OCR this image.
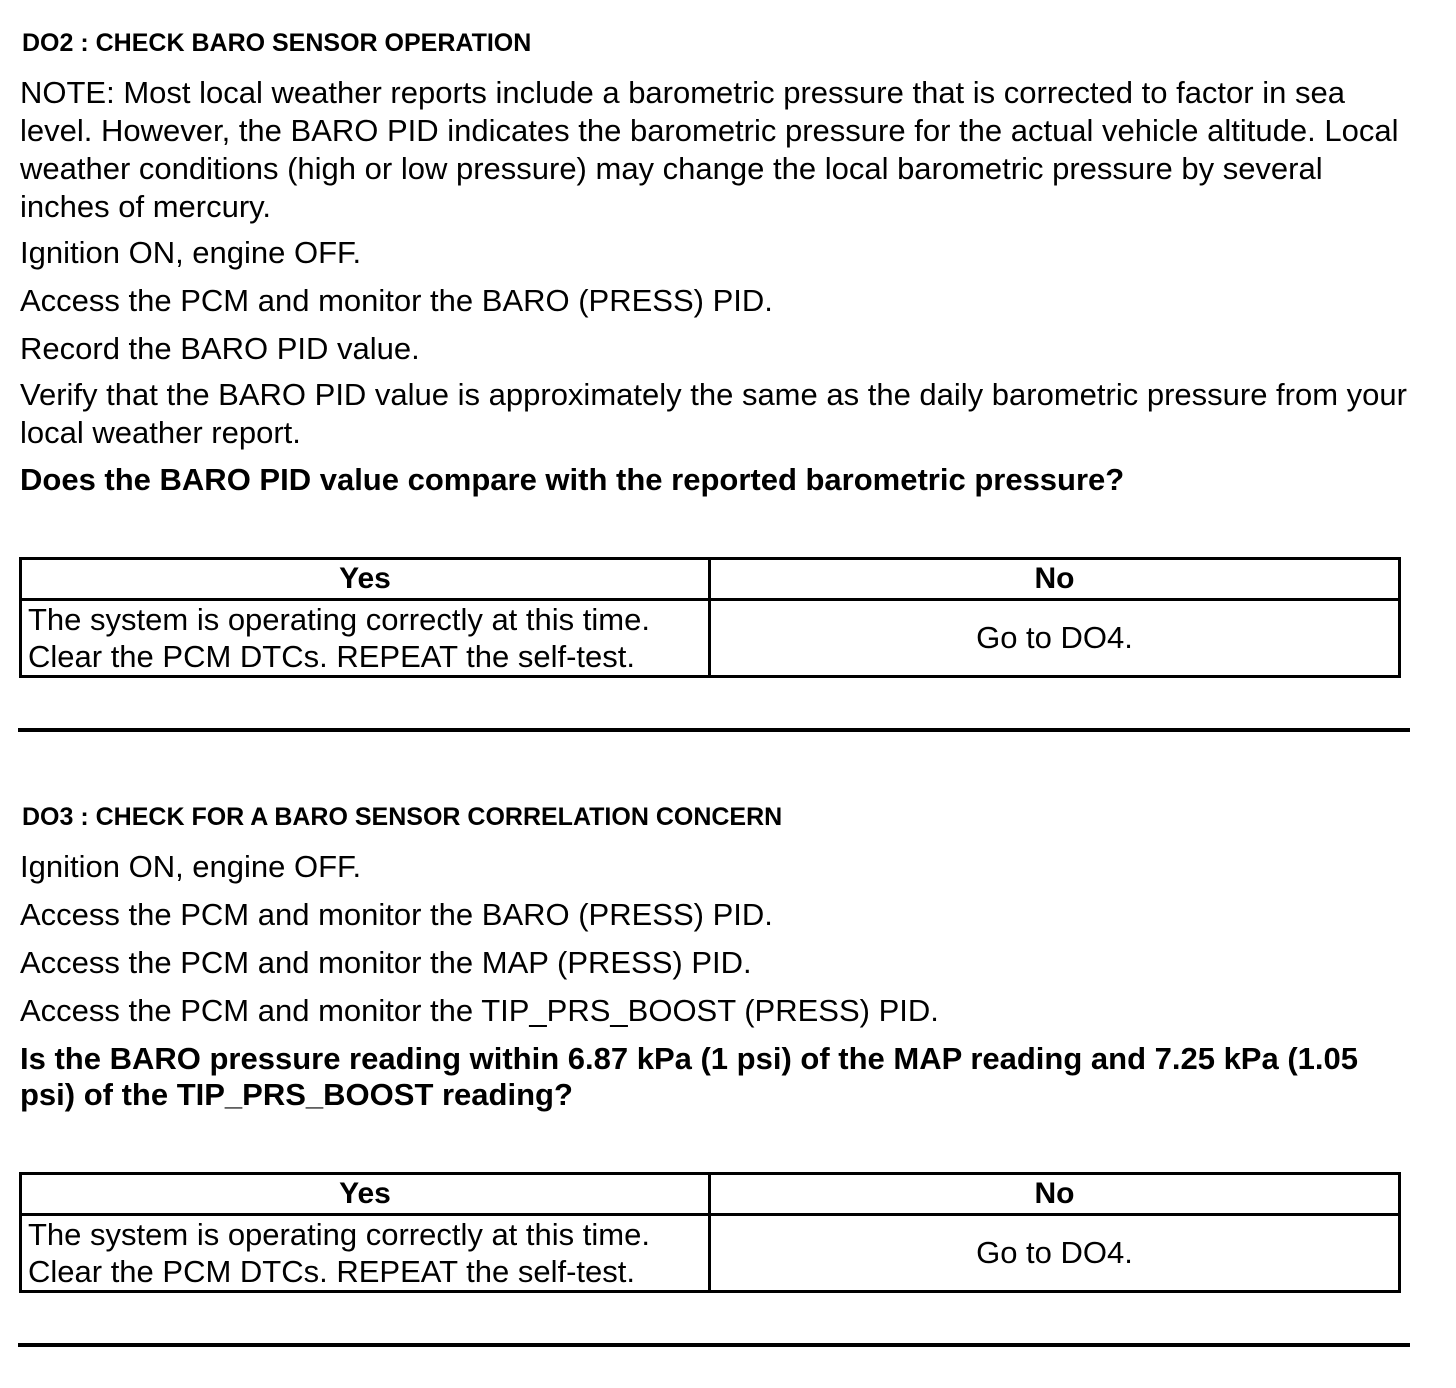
DO2 : CHECK BARO SENSOR OPERATION
NOTE: Most local weather reports include a barometric pressure that is corrected to factor in sea level. However, the BARO PID indicates the barometric pressure for the actual vehicle altitude. Local weather conditions (high or low pressure) may change the local barometric pressure by several inches of mercury.
Ignition ON, engine OFF.
Access the PCM and monitor the BARO (PRESS) PID.
Record the BARO PID value.
Verify that the BARO PID value is approximately the same as the daily barometric pressure from your local weather report.
Does the BARO PID value compare with the reported barometric pressure?
Yes	No

The system is operating correctly at this time.
Clear the PCM DTCs. REPEAT the self-test.	Go to DO4.
DO3 : CHECK FOR A BARO SENSOR CORRELATION CONCERN
Ignition ON, engine OFF.
Access the PCM and monitor the BARO (PRESS) PID.
Access the PCM and monitor the MAP (PRESS) PID.
Access the PCM and monitor the TIP_PRS_BOOST (PRESS) PID.
Is the BARO pressure reading within 6.87 kPa (1 psi) of the MAP reading and 7.25 kPa (1.05 psi) of the TIP_PRS_BOOST reading?
Yes	No

The system is operating correctly at this time.
Clear the PCM DTCs. REPEAT the self-test.	Go to DO4.
